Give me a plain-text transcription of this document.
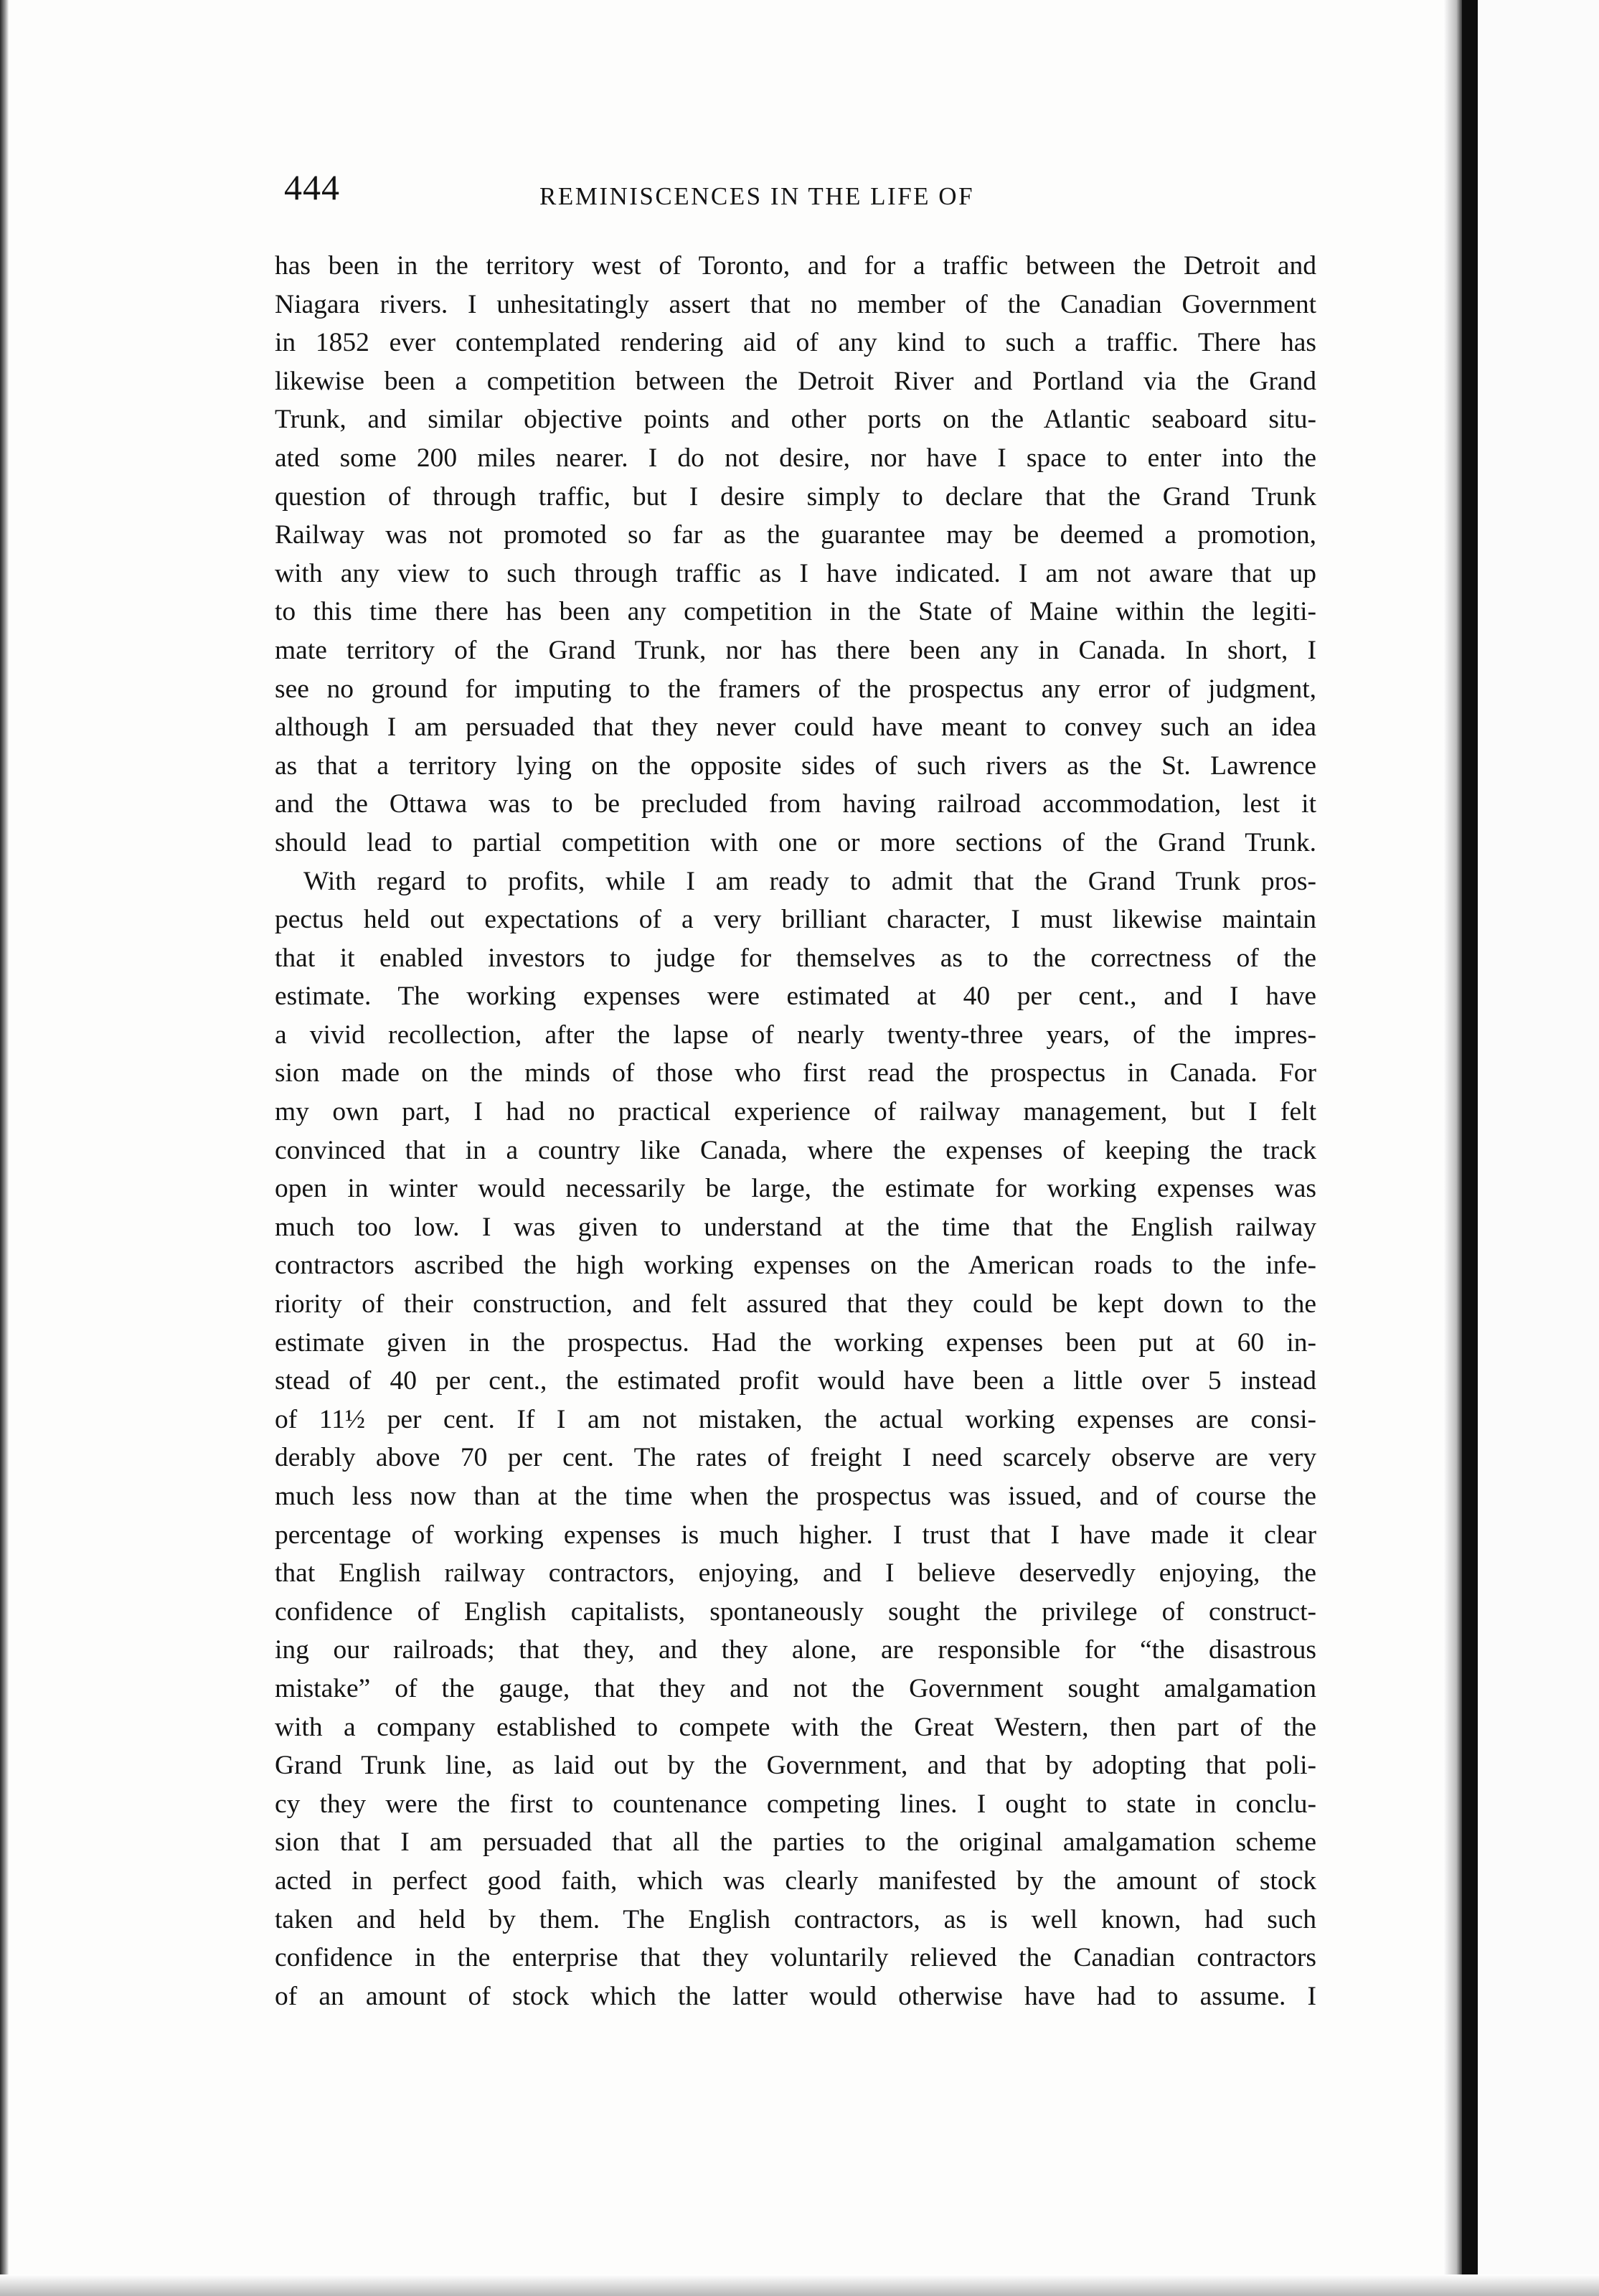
444	REMINISCENCES IN THE LIFE OF
has been in the territory west of Toronto, and for a traffic between the Detroit and
Niagara rivers. I unhesitatingly assert that no member of the Canadian Government
in 1852 ever contemplated rendering aid of any kind to such a traffic. There has
likewise been a competition between the Detroit River and Portland via the Grand
Trunk, and similar objective points and other ports on the Atlantic seaboard situ-
ated some 200 miles nearer. I do not desire, nor have I space to enter into the
question of through traffic, but I desire simply to declare that the Grand Trunk
Railway was not promoted so far as the guarantee may be deemed a promotion,
with any view to such through traffic as I have indicated. I am not aware that up
to this time there has been any competition in the State of Maine within the legiti-
mate territory of the Grand Trunk, nor has there been any in Canada. In short, I
see no ground for imputing to the framers of the prospectus any error of judgment,
although I am persuaded that they never could have meant to convey such an idea
as that a territory lying on the opposite sides of such rivers as the St. Lawrence
and the Ottawa was to be precluded from having railroad accommodation, lest it
should lead to partial competition with one or more sections of the Grand Trunk.
With regard to profits, while I am ready to admit that the Grand Trunk pros-
pectus held out expectations of a very brilliant character, I must likewise maintain
that it enabled investors to judge for themselves as to the correctness of the
estimate. The working expenses were estimated at 40 per cent., and I have
a vivid recollection, after the lapse of nearly twenty-three years, of the impres-
sion made on the minds of those who first read the prospectus in Canada. For
my own part, I had no practical experience of railway management, but I felt
convinced that in a country like Canada, where the expenses of keeping the track
open in winter would necessarily be large, the estimate for working expenses was
much too low. I was given to understand at the time that the English railway
contractors ascribed the high working expenses on the American roads to the infe-
riority of their construction, and felt assured that they could be kept down to the
estimate given in the prospectus. Had the working expenses been put at 60 in-
stead of 40 per cent., the estimated profit would have been a little over 5 instead
of 11½ per cent. If I am not mistaken, the actual working expenses are consi-
derably above 70 per cent. The rates of freight I need scarcely observe are very
much less now than at the time when the prospectus was issued, and of course the
percentage of working expenses is much higher. I trust that I have made it clear
that English railway contractors, enjoying, and I believe deservedly enjoying, the
confidence of English capitalists, spontaneously sought the privilege of construct-
ing our railroads; that they, and they alone, are responsible for “the disastrous
mistake” of the gauge, that they and not the Government sought amalgamation
with a company established to compete with the Great Western, then part of the
Grand Trunk line, as laid out by the Government, and that by adopting that poli-
cy they were the first to countenance competing lines. I ought to state in conclu-
sion that I am persuaded that all the parties to the original amalgamation scheme
acted in perfect good faith, which was clearly manifested by the amount of stock
taken and held by them. The English contractors, as is well known, had such
confidence in the enterprise that they voluntarily relieved the Canadian contractors
of an amount of stock which the latter would otherwise have had to assume. I
